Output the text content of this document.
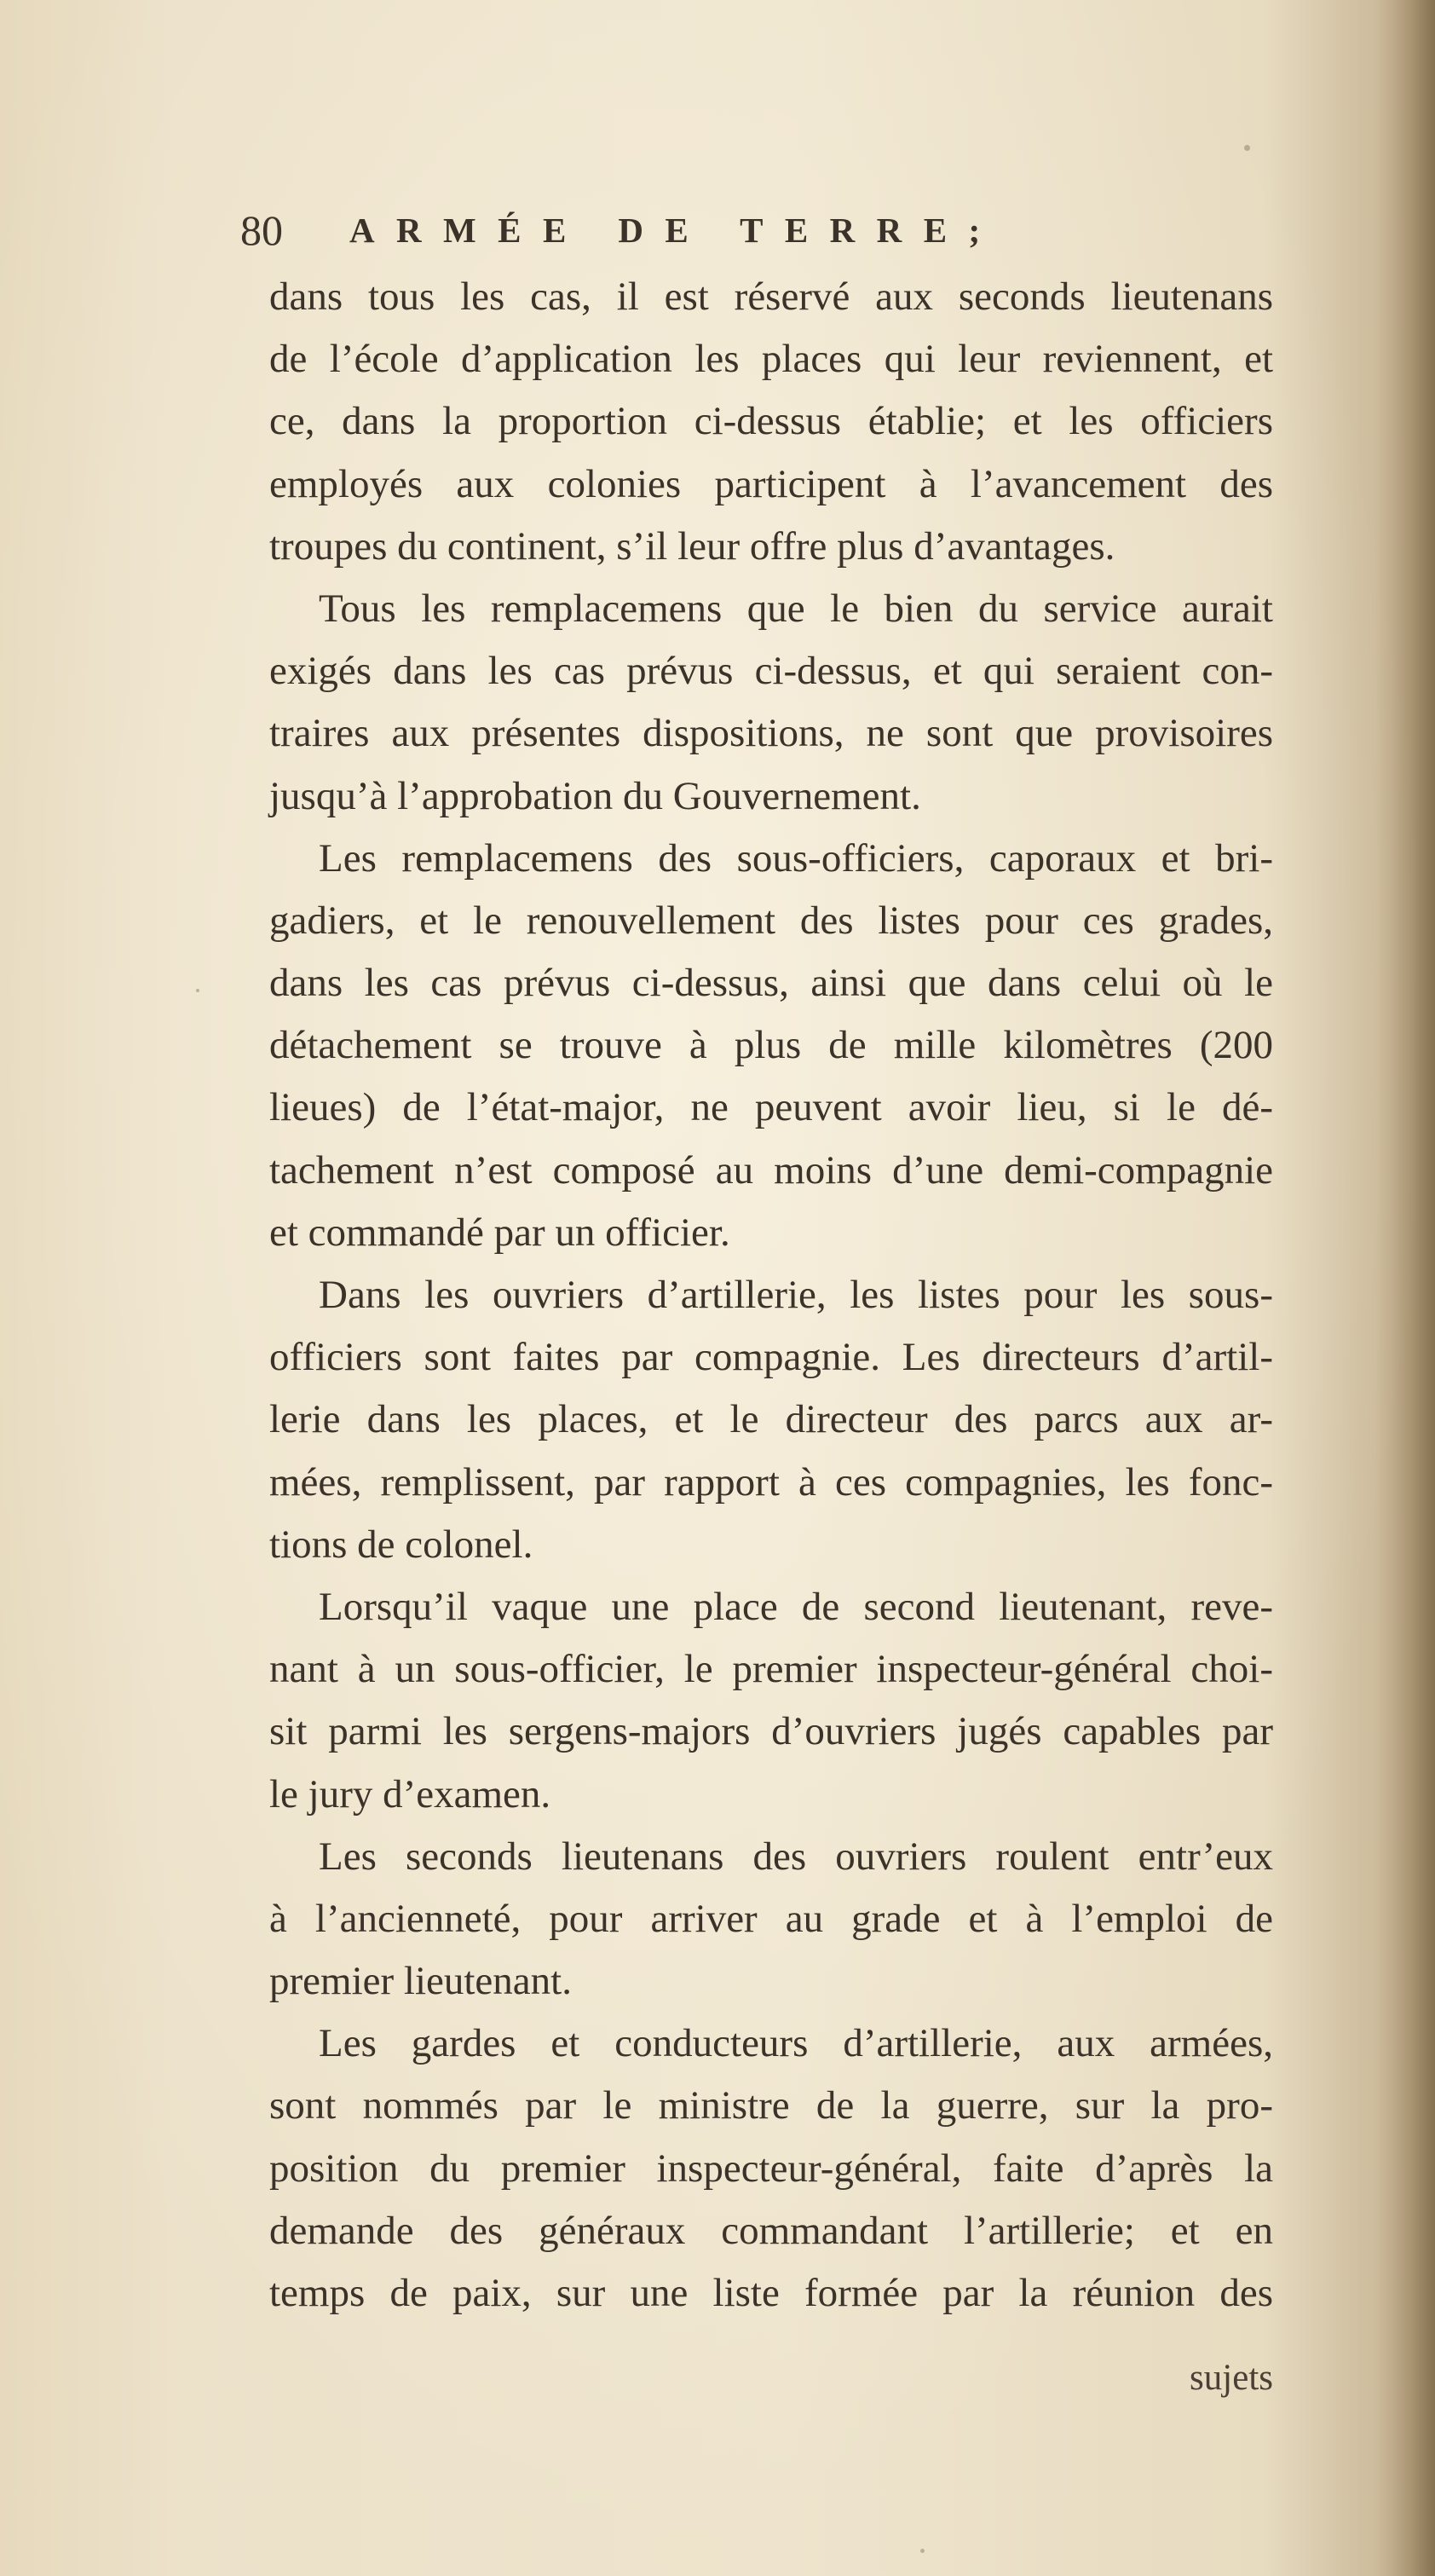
80 ARMÉE DE TERRE;
dans tous les cas, il est réservé aux seconds lieutenans
de l’école d’application les places qui leur reviennent, et
ce, dans la proportion ci-dessus établie; et les officiers
employés aux colonies participent à l’avancement des
troupes du continent, s’il leur offre plus d’avantages.
Tous les remplacemens que le bien du service aurait
exigés dans les cas prévus ci-dessus, et qui seraient con-
traires aux présentes dispositions, ne sont que provisoires
jusqu’à l’approbation du Gouvernement.
Les remplacemens des sous-officiers, caporaux et bri-
gadiers, et le renouvellement des listes pour ces grades,
dans les cas prévus ci-dessus, ainsi que dans celui où le
détachement se trouve à plus de mille kilomètres (200
lieues) de l’état-major, ne peuvent avoir lieu, si le dé-
tachement n’est composé au moins d’une demi-compagnie
et commandé par un officier.
Dans les ouvriers d’artillerie, les listes pour les sous-
officiers sont faites par compagnie. Les directeurs d’artil-
lerie dans les places, et le directeur des parcs aux ar-
mées, remplissent, par rapport à ces compagnies, les fonc-
tions de colonel.
Lorsqu’il vaque une place de second lieutenant, reve-
nant à un sous-officier, le premier inspecteur-général choi-
sit parmi les sergens-majors d’ouvriers jugés capables par
le jury d’examen.
Les seconds lieutenans des ouvriers roulent entr’eux
à l’ancienneté, pour arriver au grade et à l’emploi de
premier lieutenant.
Les gardes et conducteurs d’artillerie, aux armées,
sont nommés par le ministre de la guerre, sur la pro-
position du premier inspecteur-général, faite d’après la
demande des généraux commandant l’artillerie; et en
temps de paix, sur une liste formée par la réunion des
sujets
